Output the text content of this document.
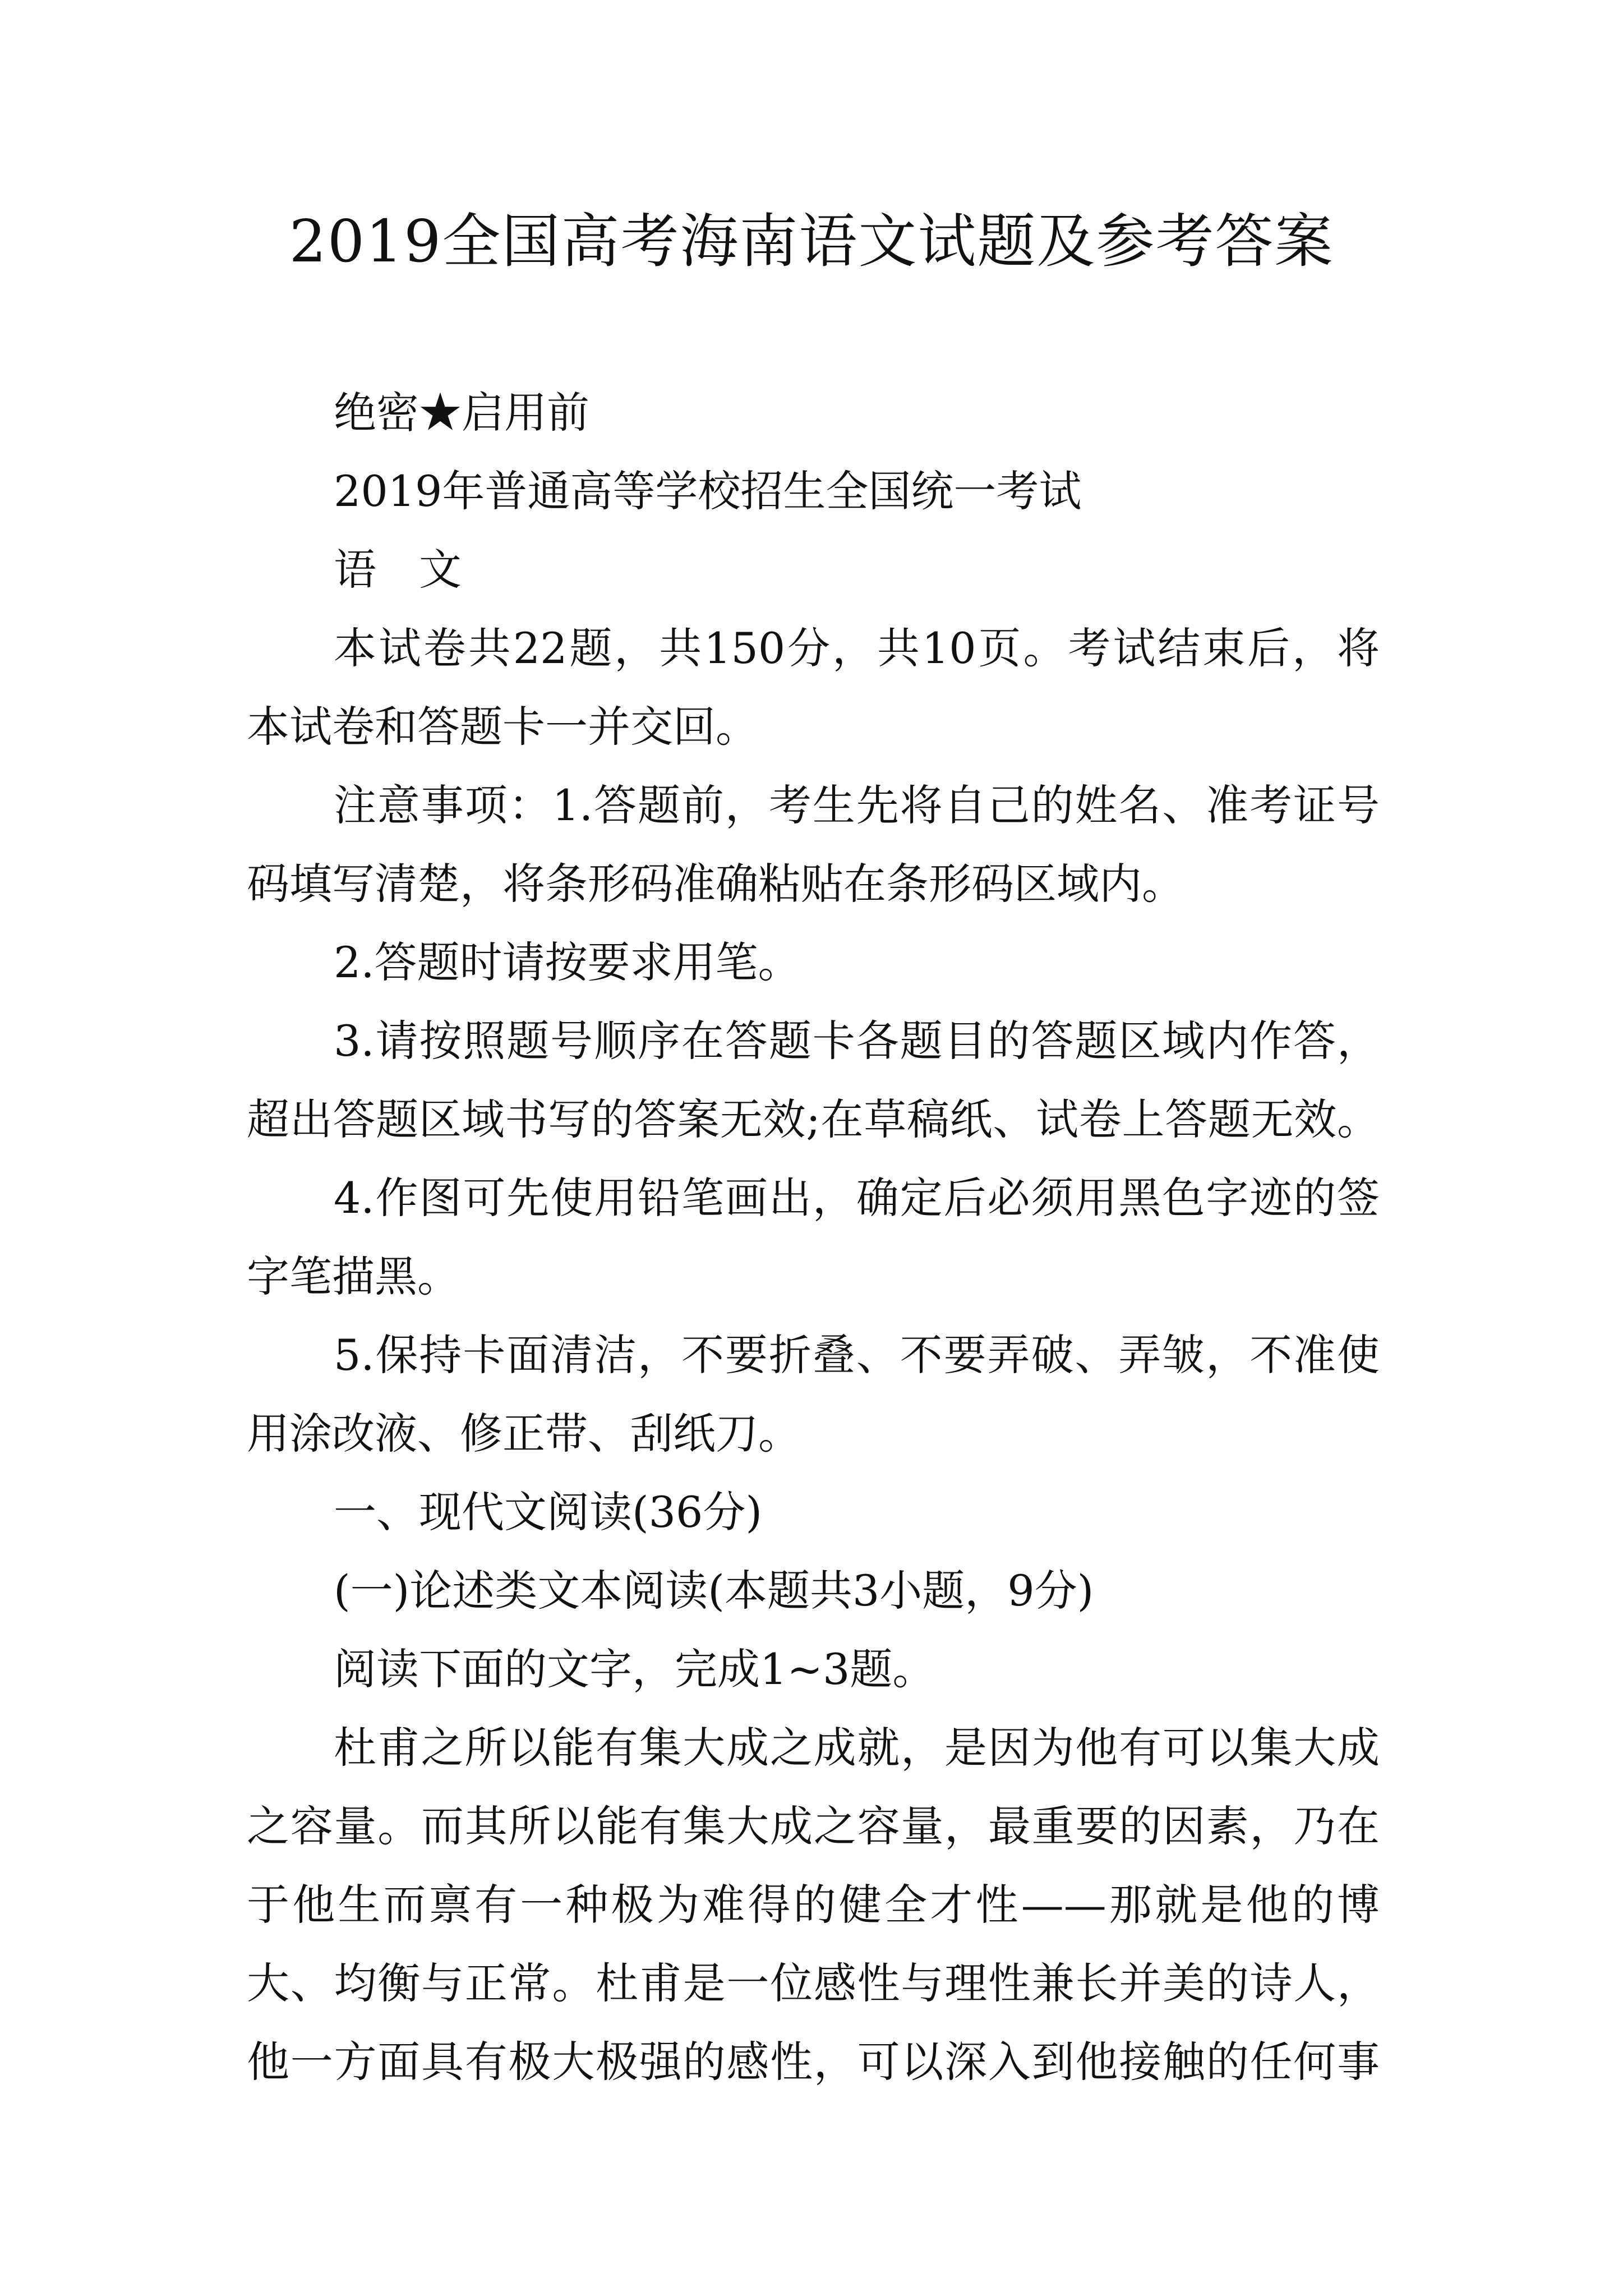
2019全国高考海南语文试题及参考答案
绝密★启用前
2019年普通高等学校招生全国统一考试
语　文
本试卷共22题，共150分，共10页。考试结束后，将
本试卷和答题卡一并交回。
注意事项：1.答题前，考生先将自己的姓名、准考证号
码填写清楚，将条形码准确粘贴在条形码区域内。
2.答题时请按要求用笔。
3.请按照题号顺序在答题卡各题目的答题区域内作答，
超出答题区域书写的答案无效;在草稿纸、试卷上答题无效。
4.作图可先使用铅笔画出，确定后必须用黑色字迹的签
字笔描黑。
5.保持卡面清洁，不要折叠、不要弄破、弄皱，不准使
用涂改液、修正带、刮纸刀。
一、现代文阅读(36分)
(一)论述类文本阅读(本题共3小题，9分)
阅读下面的文字，完成1~3题。
杜甫之所以能有集大成之成就，是因为他有可以集大成
之容量。而其所以能有集大成之容量，最重要的因素，乃在
于他生而禀有一种极为难得的健全才性——那就是他的博
大、均衡与正常。杜甫是一位感性与理性兼长并美的诗人，
他一方面具有极大极强的感性，可以深入到他接触的任何事
